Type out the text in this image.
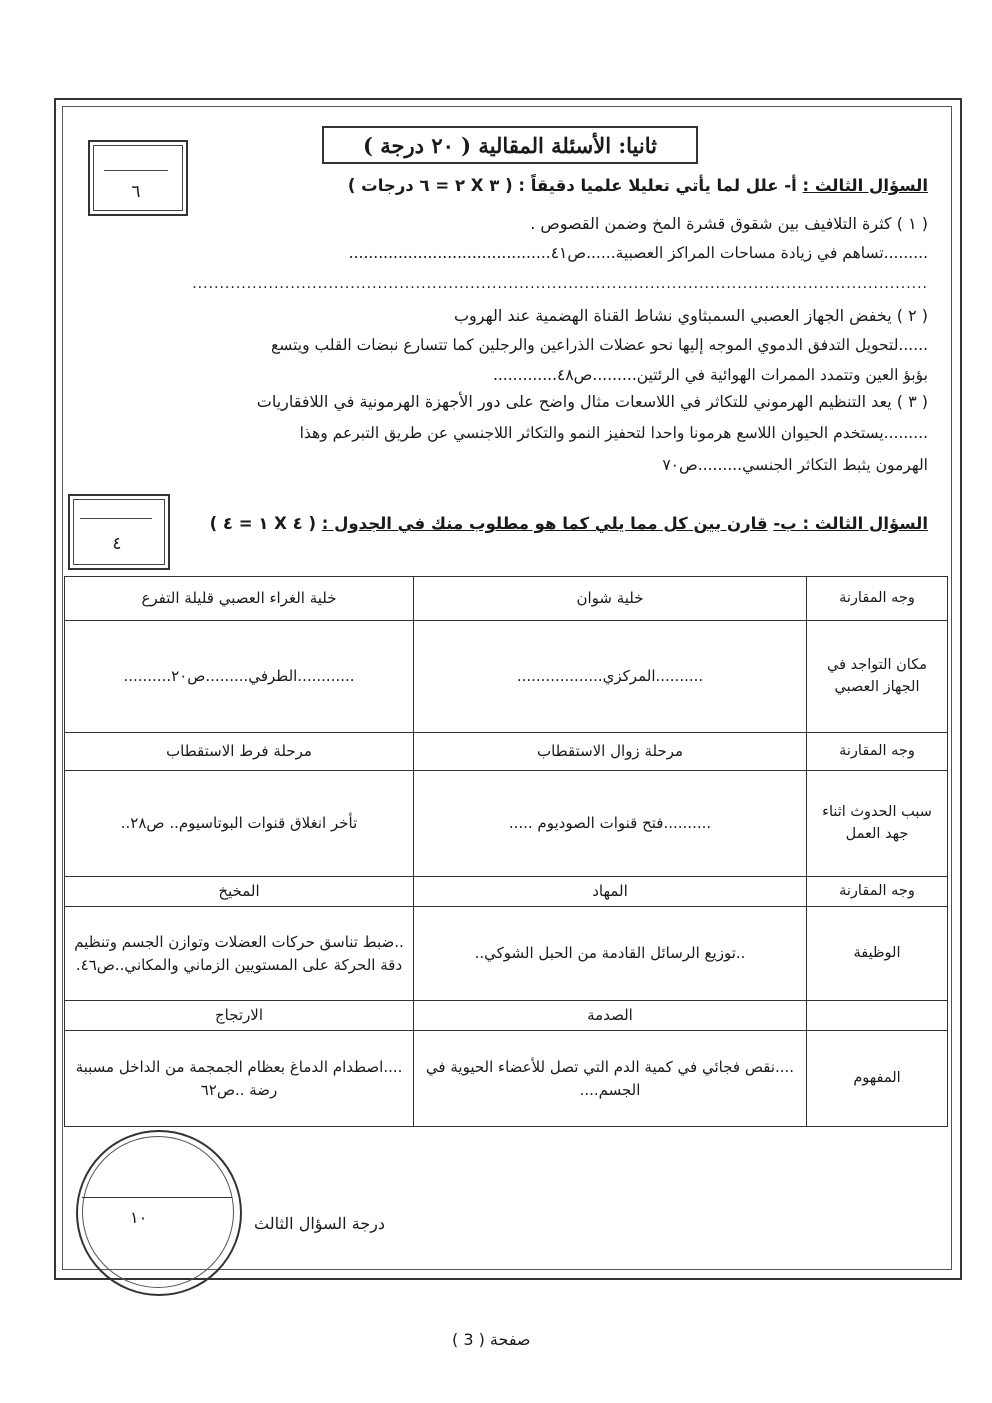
ثانيا: الأسئلة المقالية ( ٢٠ درجة )
٦	السؤال الثالث : أ- علل لما يأتي تعليلا علميا دقيقاً : ( ٣ X ٢ = ٦ درجات )
( ١ ) كثرة التلافيف بين شقوق قشرة المخ وضمن القصوص .
.........تساهم في زيادة مساحات المراكز العصبية......ص٤١.........................................
.......................................................................................................................................
( ٢ ) يخفض الجهاز العصبي السمبثاوي نشاط القناة الهضمية عند الهروب
......لتحويل التدفق الدموي الموجه إليها نحو عضلات الذراعين والرجلين كما تتسارع نبضات القلب ويتسع
بؤبؤ العين وتتمدد الممرات الهوائية في الرئتين.........ص٤٨.............
( ٣ ) يعد التنظيم الهرموني للتكاثر في اللاسعات مثال واضح على دور الأجهزة الهرمونية في اللافقاريات
.........يستخدم الحيوان اللاسع هرمونا واحدا لتحفيز النمو والتكاثر اللاجنسي عن طريق التبرعم وهذا
الهرمون يثبط التكاثر الجنسي.........ص٧٠
٤
السؤال الثالث : ب- قارن بين كل مما يلي كما هو مطلوب منك في الجدول : ( ٤ X ١ = ٤ )
وجه المقارنة	خلية شوان	خلية الغراء العصبي قليلة التفرع
مكان التواجد في الجهاز العصبي	..........المركزي..................	............الطرفي.........ص٢٠..........
وجه المقارنة	مرحلة زوال الاستقطاب	مرحلة فرط الاستقطاب
سبب الحدوث اثناء جهد العمل	..........فتح قنوات الصوديوم .....	تأخر انغلاق قنوات البوتاسيوم.. ص٢٨..
وجه المقارنة	المهاد	المخيخ
الوظيفة	..توزيع الرسائل القادمة من الحبل الشوكي..	..ضبط تناسق حركات العضلات وتوازن الجسم وتنظيم دقة الحركة على المستويين الزماني والمكاني..ص٤٦.
	الصدمة	الارتجاج
المفهوم	....نقص فجائي في كمية الدم التي تصل للأعضاء الحيوية في الجسم....	....اصطدام الدماغ بعظام الجمجمة من الداخل مسببة رضة ..ص٦٢
١٠	درجة السؤال الثالث
صفحة ( 3 )
